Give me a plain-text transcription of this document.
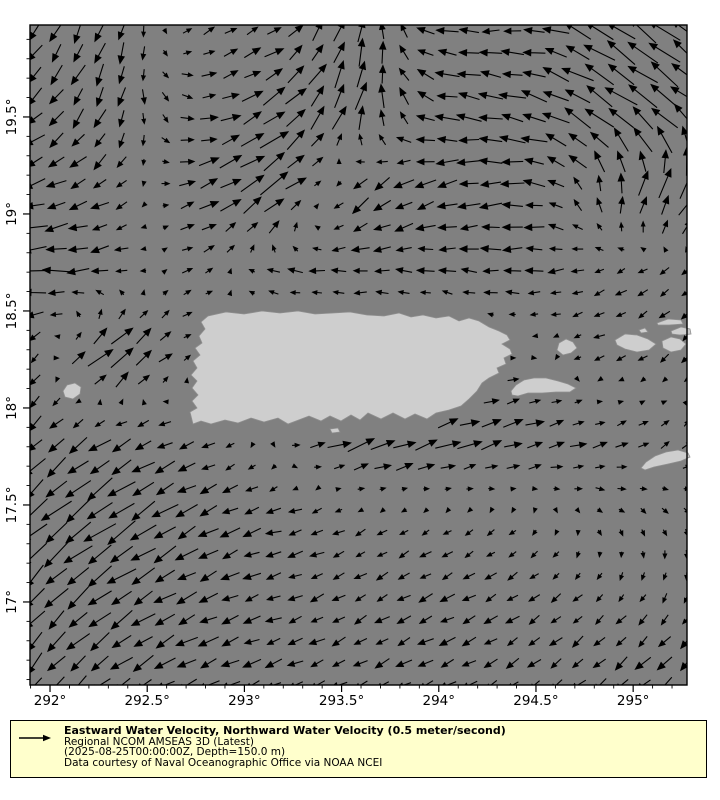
292°	292.5°	293°	293.5°	294°	294.5°	295°
19.5°
19°
18.5°
18°
17.5°
17°
Eastward Water Velocity, Northward Water Velocity (0.5 meter/second)
Regional NCOM AMSEAS 3D (Latest)
(2025-08-25T00:00:00Z, Depth=150.0 m)
Data courtesy of Naval Oceanographic Office via NOAA NCEI
